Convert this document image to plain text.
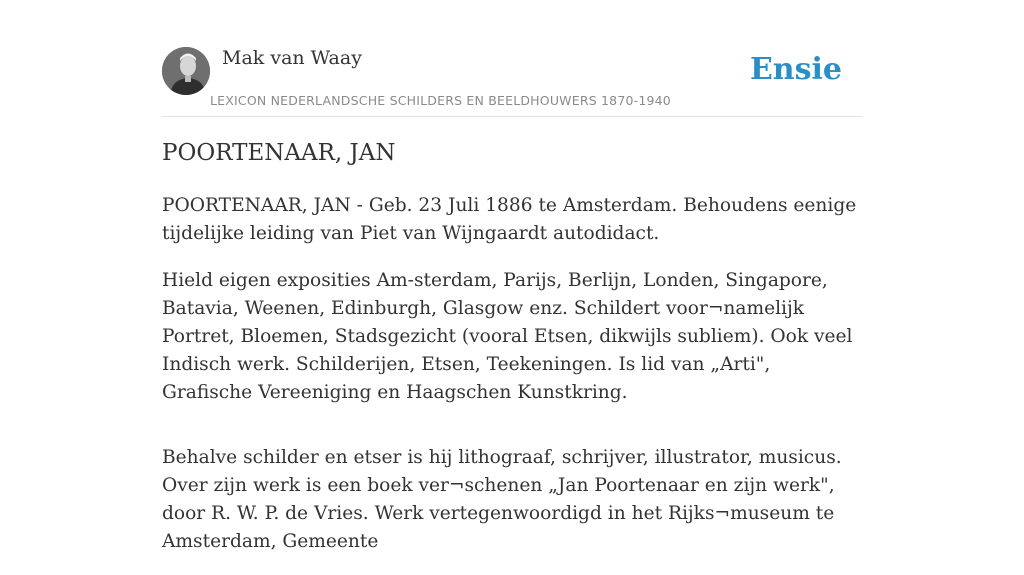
Mak van Waay
LEXICON NEDERLANDSCHE SCHILDERS EN BEELDHOUWERS 1870-1940
Ensie
POORTENAAR, JAN

POORTENAAR, JAN - Geb. 23 Juli 1886 te Amsterdam. Behoudens eenige tijdelijke leiding van Piet van Wijngaardt autodidact.

Hield eigen exposities Am-sterdam, Parijs, Berlijn, Londen, Singapore, Batavia, Weenen, Edinburgh, Glasgow enz. Schildert voor¬namelijk Portret, Bloemen, Stadsgezicht (vooral Etsen, dikwijls subliem). Ook veel Indisch werk. Schilderijen, Etsen, Teekeningen. Is lid van „Arti", Grafische Vereeniging en Haagschen Kunstkring.

Behalve schilder en etser is hij lithograaf, schrijver, illustrator, musicus. Over zijn werk is een boek ver¬schenen „Jan Poortenaar en zijn werk", door R. W. P. de Vries. Werk vertegenwoordigd in het Rijks¬museum te Amsterdam, Gemeente
